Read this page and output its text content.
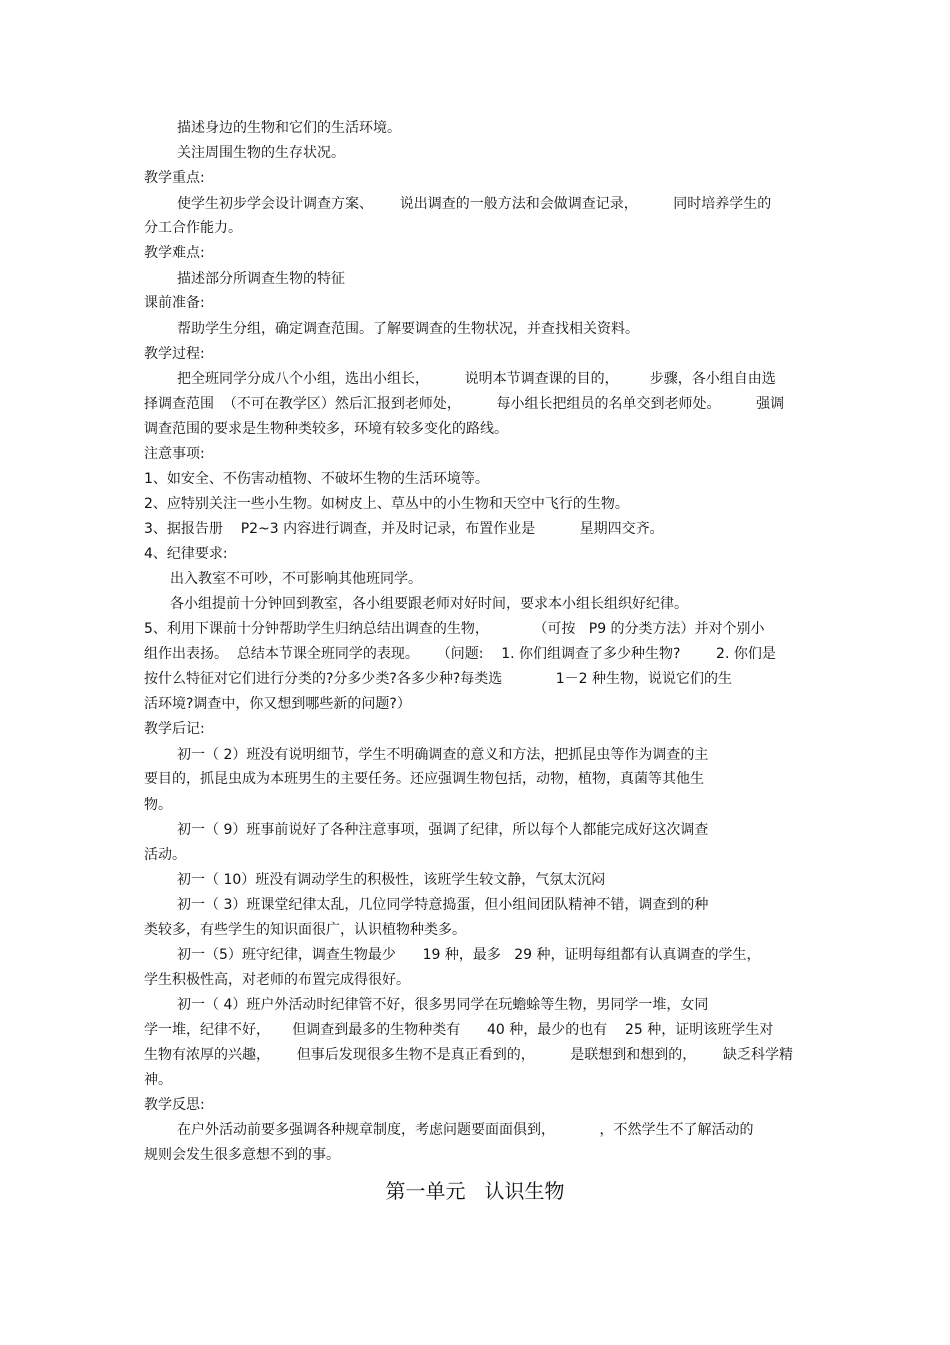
描述身边的生物和它们的生活环境。
关注周围生物的生存状况。
教学重点:
使学生初步学会设计调查方案、      说出调查的一般方法和会做调查记录，        同时培养学生的
分工合作能力。
教学难点:
描述部分所调查生物的特征
课前准备:
帮助学生分组，确定调查范围。了解要调查的生物状况，并查找相关资料。
教学过程:
把全班同学分成八个小组，选出小组长，        说明本节调查课的目的，       步骤，各小组自由选
择调查范围  （不可在教学区）然后汇报到老师处，        每小组长把组员的名单交到老师处。        强调
调查范围的要求是生物种类较多，环境有较多变化的路线。
注意事项:
1、如安全、不伤害动植物、不破坏生物的生活环境等。
2、应特别关注一些小生物。如树皮上、草丛中的小生物和天空中飞行的生物。
3、据报告册    P2~3 内容进行调查，并及时记录，布置作业是          星期四交齐。
4、纪律要求:
出入教室不可吵，不可影响其他班同学。
各小组提前十分钟回到教室，各小组要跟老师对好时间，要求本小组长组织好纪律。
5、利用下课前十分钟帮助学生归纳总结出调查的生物，          （可按   P9 的分类方法）并对个别小
组作出表扬。  总结本节课全班同学的表现。    （问题:    1. 你们组调查了多少种生物?        2. 你们是
按什么特征对它们进行分类的?分多少类?各多少种?每类选            1－2 种生物，说说它们的生
活环境?调查中，你又想到哪些新的问题?）
教学后记:
初一（ 2）班没有说明细节，学生不明确调查的意义和方法，把抓昆虫等作为调查的主
要目的，抓昆虫成为本班男生的主要任务。还应强调生物包括，动物，植物，真菌等其他生
物。
初一（ 9）班事前说好了各种注意事项，强调了纪律，所以每个人都能完成好这次调查
活动。
初一（ 10）班没有调动学生的积极性，该班学生较文静，气氛太沉闷
初一（ 3）班课堂纪律太乱，几位同学特意捣蛋，但小组间团队精神不错，调查到的种
类较多，有些学生的知识面很广，认识植物种类多。
初一（5）班守纪律，调查生物最少      19 种，最多   29 种，证明每组都有认真调查的学生，
学生积极性高，对老师的布置完成得很好。
初一（ 4）班户外活动时纪律管不好，很多男同学在玩蟾蜍等生物，男同学一堆，女同
学一堆，纪律不好，     但调查到最多的生物种类有      40 种，最少的也有    25 种，证明该班学生对
生物有浓厚的兴趣，      但事后发现很多生物不是真正看到的，        是联想到和想到的，      缺乏科学精
神。
教学反思:
在户外活动前要多强调各种规章制度，考虑问题要面面俱到，          ，不然学生不了解活动的
规则会发生很多意想不到的事。
第一单元   认识生物
